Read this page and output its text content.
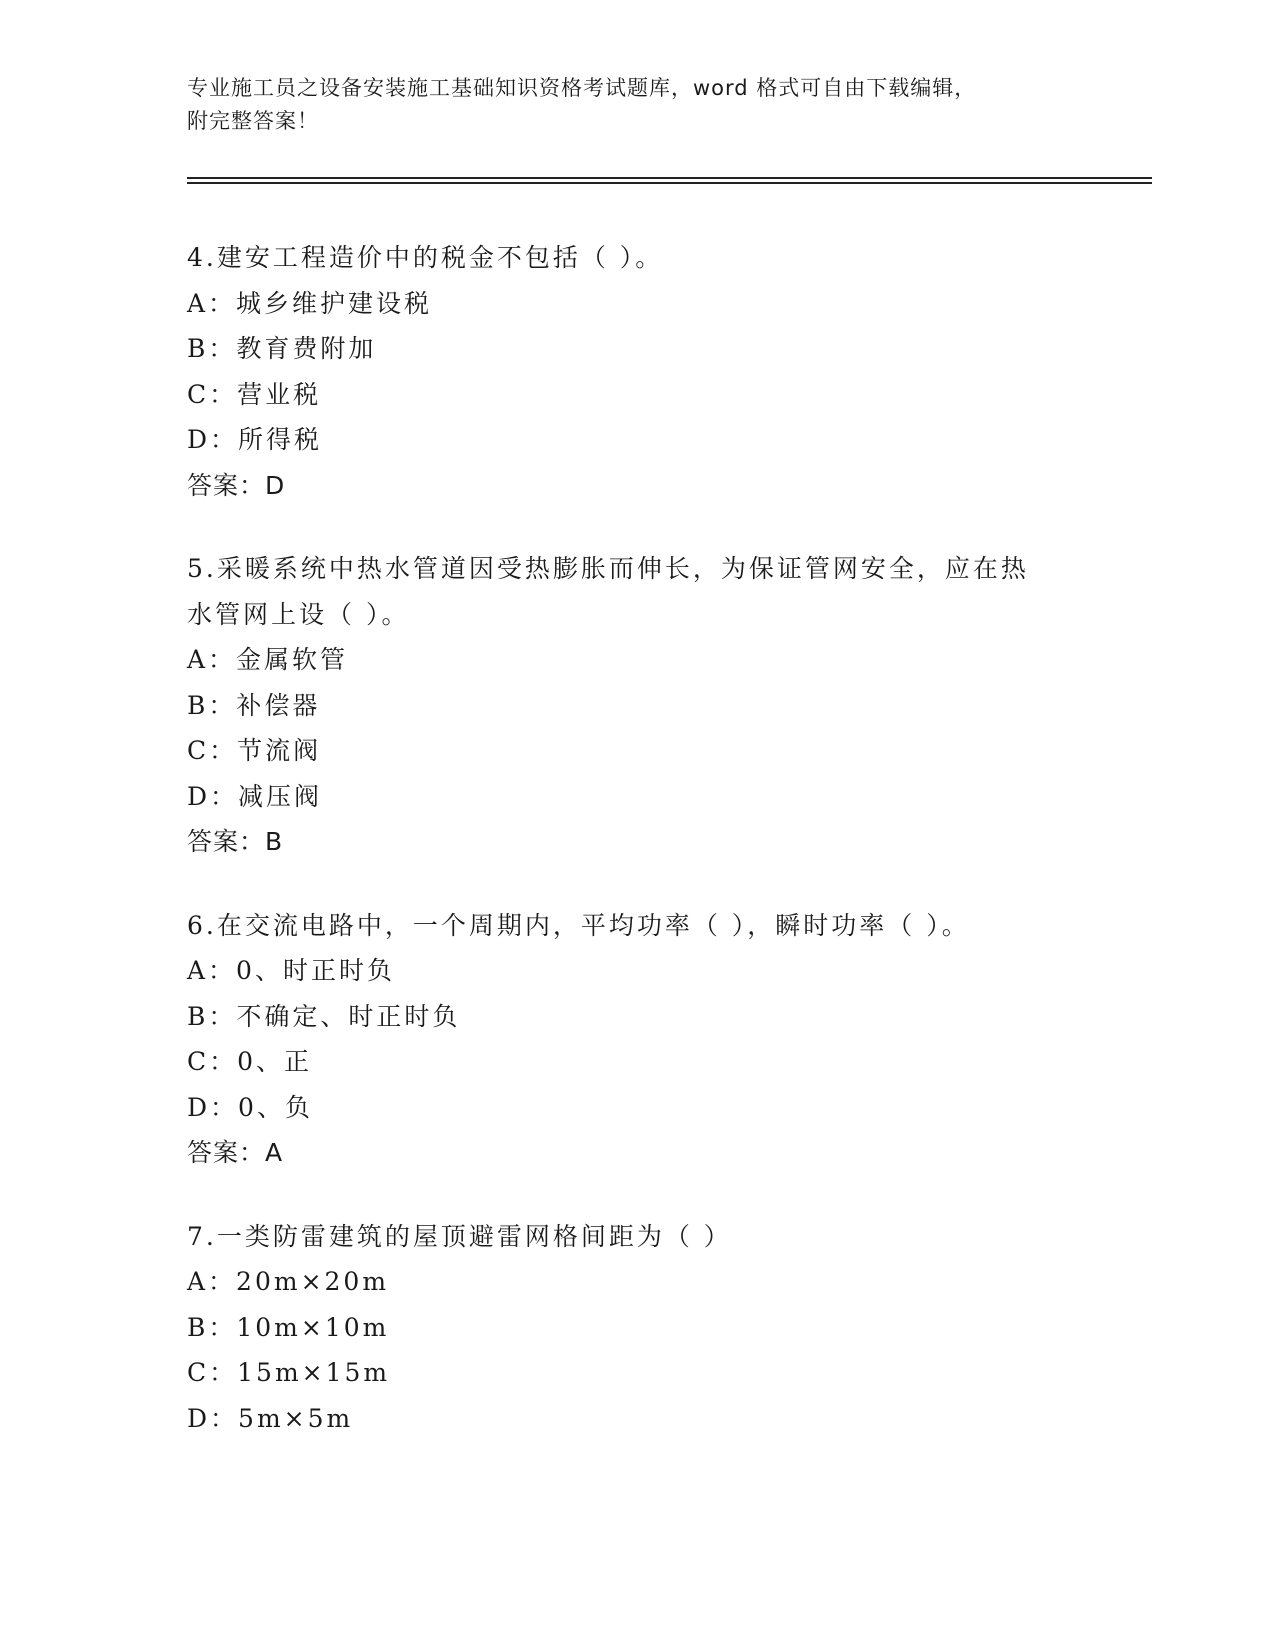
专业施工员之设备安装施工基础知识资格考试题库，word 格式可自由下载编辑，
附完整答案！
4.建安工程造价中的税金不包括（ ）。
A：城乡维护建设税
B：教育费附加
C：营业税
D：所得税
答案：D
5.采暖系统中热水管道因受热膨胀而伸长，为保证管网安全，应在热
水管网上设（ ）。
A：金属软管
B：补偿器
C：节流阀
D：减压阀
答案：B
6.在交流电路中，一个周期内，平均功率（ ），瞬时功率（ ）。
A：0、时正时负
B：不确定、时正时负
C：0、正
D：0、负
答案：A
7.一类防雷建筑的屋顶避雷网格间距为（ ）
A：20m×20m
B：10m×10m
C：15m×15m
D：5m×5m
